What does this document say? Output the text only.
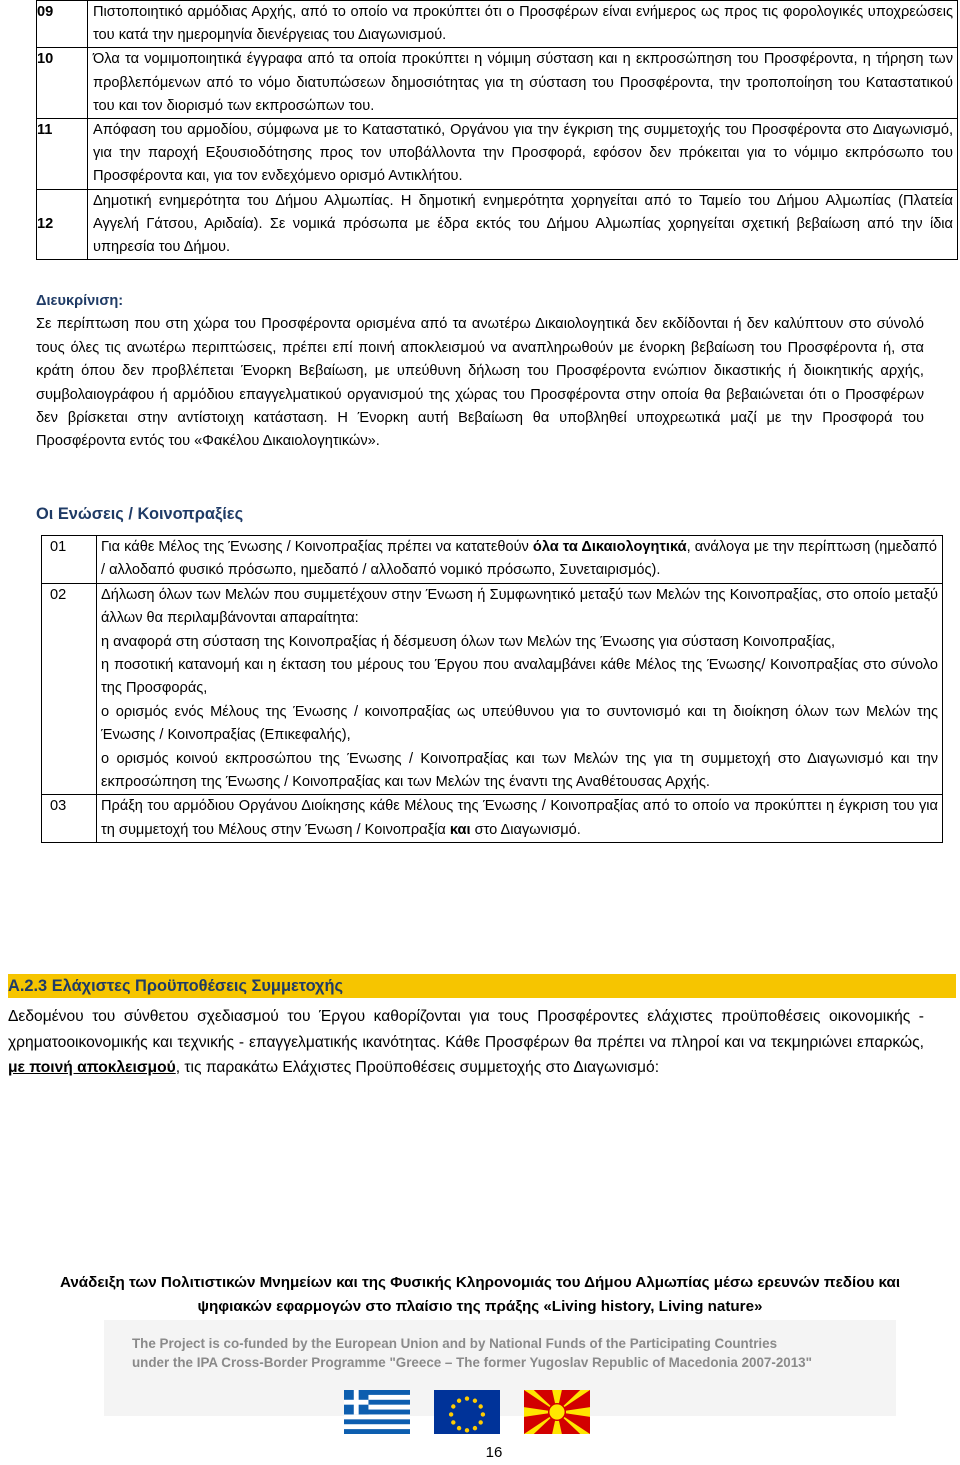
09	Πιστοποιητικό αρμόδιας Αρχής, από το οποίο να προκύπτει ότι ο Προσφέρων είναι ενήμερος ως προς τις φορολογικές υποχρεώσεις του κατά την ημερομηνία διενέργειας του Διαγωνισμού.
10	Όλα τα νομιμοποιητικά έγγραφα από τα οποία προκύπτει η νόμιμη σύσταση και η εκπροσώπηση του Προσφέροντα, η τήρηση των προβλεπόμενων από το νόμο διατυπώσεων δημοσιότητας για τη σύσταση του Προσφέροντα, την τροποποίηση του Καταστατικού του και τον διορισμό των εκπροσώπων του.
11	Απόφαση του αρμοδίου, σύμφωνα με το Καταστατικό, Οργάνου για την έγκριση της συμμετοχής του Προσφέροντα στο Διαγωνισμό, για την παροχή Εξουσιοδότησης προς τον υποβάλλοντα την Προσφορά, εφόσον δεν πρόκειται για το νόμιμο εκπρόσωπο του Προσφέροντα και, για τον ενδεχόμενο ορισμό Αντικλήτου.
12	Δημοτική ενημερότητα του Δήμου Αλμωπίας. Η δημοτική ενημερότητα χορηγείται από το Ταμείο του Δήμου Αλμωπίας (Πλατεία Αγγελή Γάτσου, Αριδαία). Σε νομικά πρόσωπα με έδρα εκτός του Δήμου Αλμωπίας χορηγείται σχετική βεβαίωση από την ίδια υπηρεσία του Δήμου.
Διευκρίνιση:

Σε περίπτωση που στη χώρα του Προσφέροντα ορισμένα από τα ανωτέρω Δικαιολογητικά δεν εκδίδονται ή δεν καλύπτουν στο σύνολό τους όλες τις ανωτέρω περιπτώσεις, πρέπει επί ποινή αποκλεισμού να αναπληρωθούν με ένορκη βεβαίωση του Προσφέροντα ή, στα κράτη όπου δεν προβλέπεται Ένορκη Βεβαίωση, με υπεύθυνη δήλωση του Προσφέροντα ενώπιον δικαστικής ή διοικητικής αρχής, συμβολαιογράφου ή αρμόδιου επαγγελματικού οργανισμού της χώρας του Προσφέροντα στην οποία θα βεβαιώνεται ότι ο Προσφέρων δεν βρίσκεται στην αντίστοιχη κατάσταση. Η Ένορκη αυτή Βεβαίωση θα υποβληθεί υποχρεωτικά μαζί με την Προσφορά του Προσφέροντα εντός του «Φακέλου Δικαιολογητικών».

Οι Ενώσεις / Κοινοπραξίες
01	Για κάθε Μέλος της Ένωσης / Κοινοπραξίας πρέπει να κατατεθούν όλα τα Δικαιολογητικά, ανάλογα με την περίπτωση (ημεδαπό / αλλοδαπό φυσικό πρόσωπο, ημεδαπό / αλλοδαπό νομικό πρόσωπο, Συνεταιρισμός).
02	Δήλωση όλων των Μελών που συμμετέχουν στην Ένωση ή Συμφωνητικό μεταξύ των Μελών της Κοινοπραξίας, στο οποίο μεταξύ άλλων θα περιλαμβάνονται απαραίτητα:

η αναφορά στη σύσταση της Κοινοπραξίας ή δέσμευση όλων των Μελών της Ένωσης για σύσταση Κοινοπραξίας,

η ποσοτική κατανομή και η έκταση του μέρους του Έργου που αναλαμβάνει κάθε Μέλος της Ένωσης/ Κοινοπραξίας στο σύνολο της Προσφοράς,

ο ορισμός ενός Μέλους της Ένωσης / κοινοπραξίας ως υπεύθυνου για το συντονισμό και τη διοίκηση όλων των Μελών της Ένωσης / Κοινοπραξίας (Επικεφαλής),

ο ορισμός κοινού εκπροσώπου της Ένωσης / Κοινοπραξίας και των Μελών της για τη συμμετοχή στο Διαγωνισμό και την εκπροσώπηση της Ένωσης / Κοινοπραξίας και των Μελών της έναντι της Αναθέτουσας Αρχής.

03	Πράξη του αρμόδιου Οργάνου Διοίκησης κάθε Μέλους της Ένωσης / Κοινοπραξίας από το οποίο να προκύπτει η έγκριση του για τη συμμετοχή του Μέλους στην Ένωση / Κοινοπραξία και στο Διαγωνισμό.
Α.2.3 Ελάχιστες Προϋποθέσεις Συμμετοχής
Δεδομένου του σύνθετου σχεδιασμού του Έργου καθορίζονται για τους Προσφέροντες ελάχιστες προϋποθέσεις οικονομικής - χρηματοοικονομικής και τεχνικής - επαγγελματικής ικανότητας. Κάθε Προσφέρων θα πρέπει να πληροί και να τεκμηριώνει επαρκώς, με ποινή αποκλεισμού, τις παρακάτω Ελάχιστες Προϋποθέσεις συμμετοχής στο Διαγωνισμό:
Ανάδειξη των Πολιτιστικών Μνημείων και της Φυσικής Κληρονομιάς του Δήμου Αλμωπίας μέσω ερευνών πεδίου και ψηφιακών εφαρμογών στο πλαίσιο της πράξης «Living history, Living nature»
The Project is co-funded by the European Union and by National Funds of the Participating Countries
under the IPA Cross-Border Programme "Greece – The former Yugoslav Republic of Macedonia 2007-2013"
16
